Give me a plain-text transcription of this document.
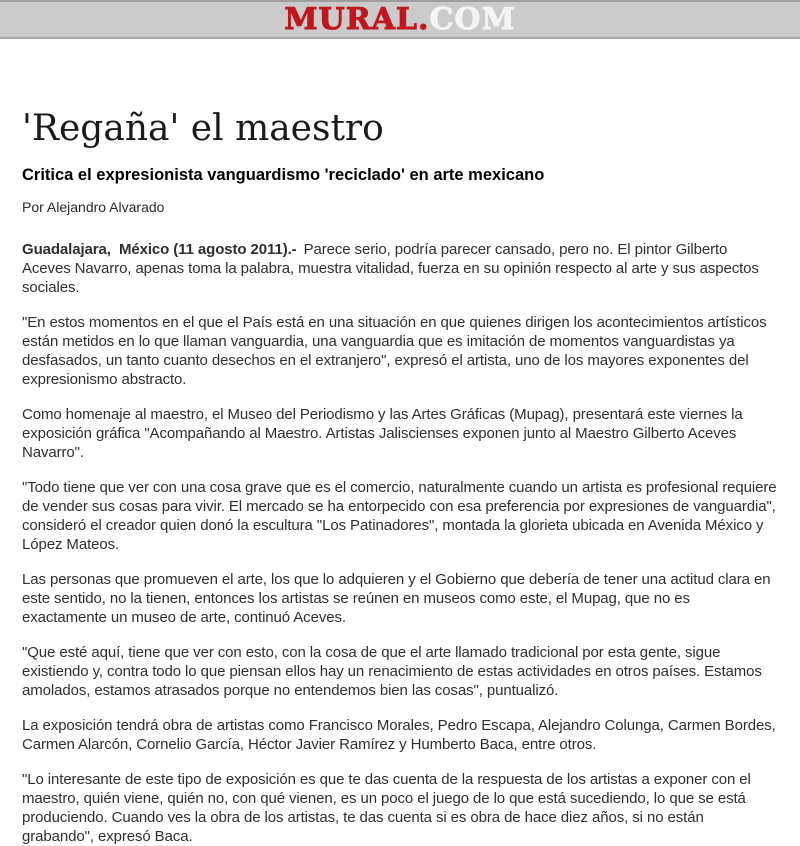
MURAL.COM
'Regaña' el maestro
Critica el expresionista vanguardismo 'reciclado' en arte mexicano
Por Alejandro Alvarado

Guadalajara,  México (11 agosto 2011).- Parece serio, podría parecer cansado, pero no. El pintor Gilberto Aceves Navarro, apenas toma la palabra, muestra vitalidad, fuerza en su opinión respecto al arte y sus aspectos sociales.

"En estos momentos en el que el País está en una situación en que quienes dirigen los acontecimientos artísticos están metidos en lo que llaman vanguardia, una vanguardia que es imitación de momentos vanguardistas ya desfasados, un tanto cuanto desechos en el extranjero", expresó el artista, uno de los mayores exponentes del expresionismo abstracto.

Como homenaje al maestro, el Museo del Periodismo y las Artes Gráficas (Mupag), presentará este viernes la exposición gráfica "Acompañando al Maestro. Artistas Jaliscienses exponen junto al Maestro Gilberto Aceves Navarro".

"Todo tiene que ver con una cosa grave que es el comercio, naturalmente cuando un artista es profesional requiere de vender sus cosas para vivir. El mercado se ha entorpecido con esa preferencia por expresiones de vanguardia", consideró el creador quien donó la escultura "Los Patinadores", montada la glorieta ubicada en Avenida México y López Mateos.

Las personas que promueven el arte, los que lo adquieren y el Gobierno que debería de tener una actitud clara en este sentido, no la tienen, entonces los artistas se reúnen en museos como este, el Mupag, que no es exactamente un museo de arte, continuó Aceves.

"Que esté aquí, tiene que ver con esto, con la cosa de que el arte llamado tradicional por esta gente, sigue existiendo y, contra todo lo que piensan ellos hay un renacimiento de estas actividades en otros países. Estamos amolados, estamos atrasados porque no entendemos bien las cosas", puntualizó.

La exposición tendrá obra de artistas como Francisco Morales, Pedro Escapa, Alejandro Colunga, Carmen Bordes, Carmen Alarcón, Cornelio García, Héctor Javier Ramírez y Humberto Baca, entre otros.

"Lo interesante de este tipo de exposición es que te das cuenta de la respuesta de los artistas a exponer con el maestro, quién viene, quién no, con qué vienen, es un poco el juego de lo que está sucediendo, lo que se está produciendo. Cuando ves la obra de los artistas, te das cuenta si es obra de hace diez años, si no están grabando", expresó Baca.
